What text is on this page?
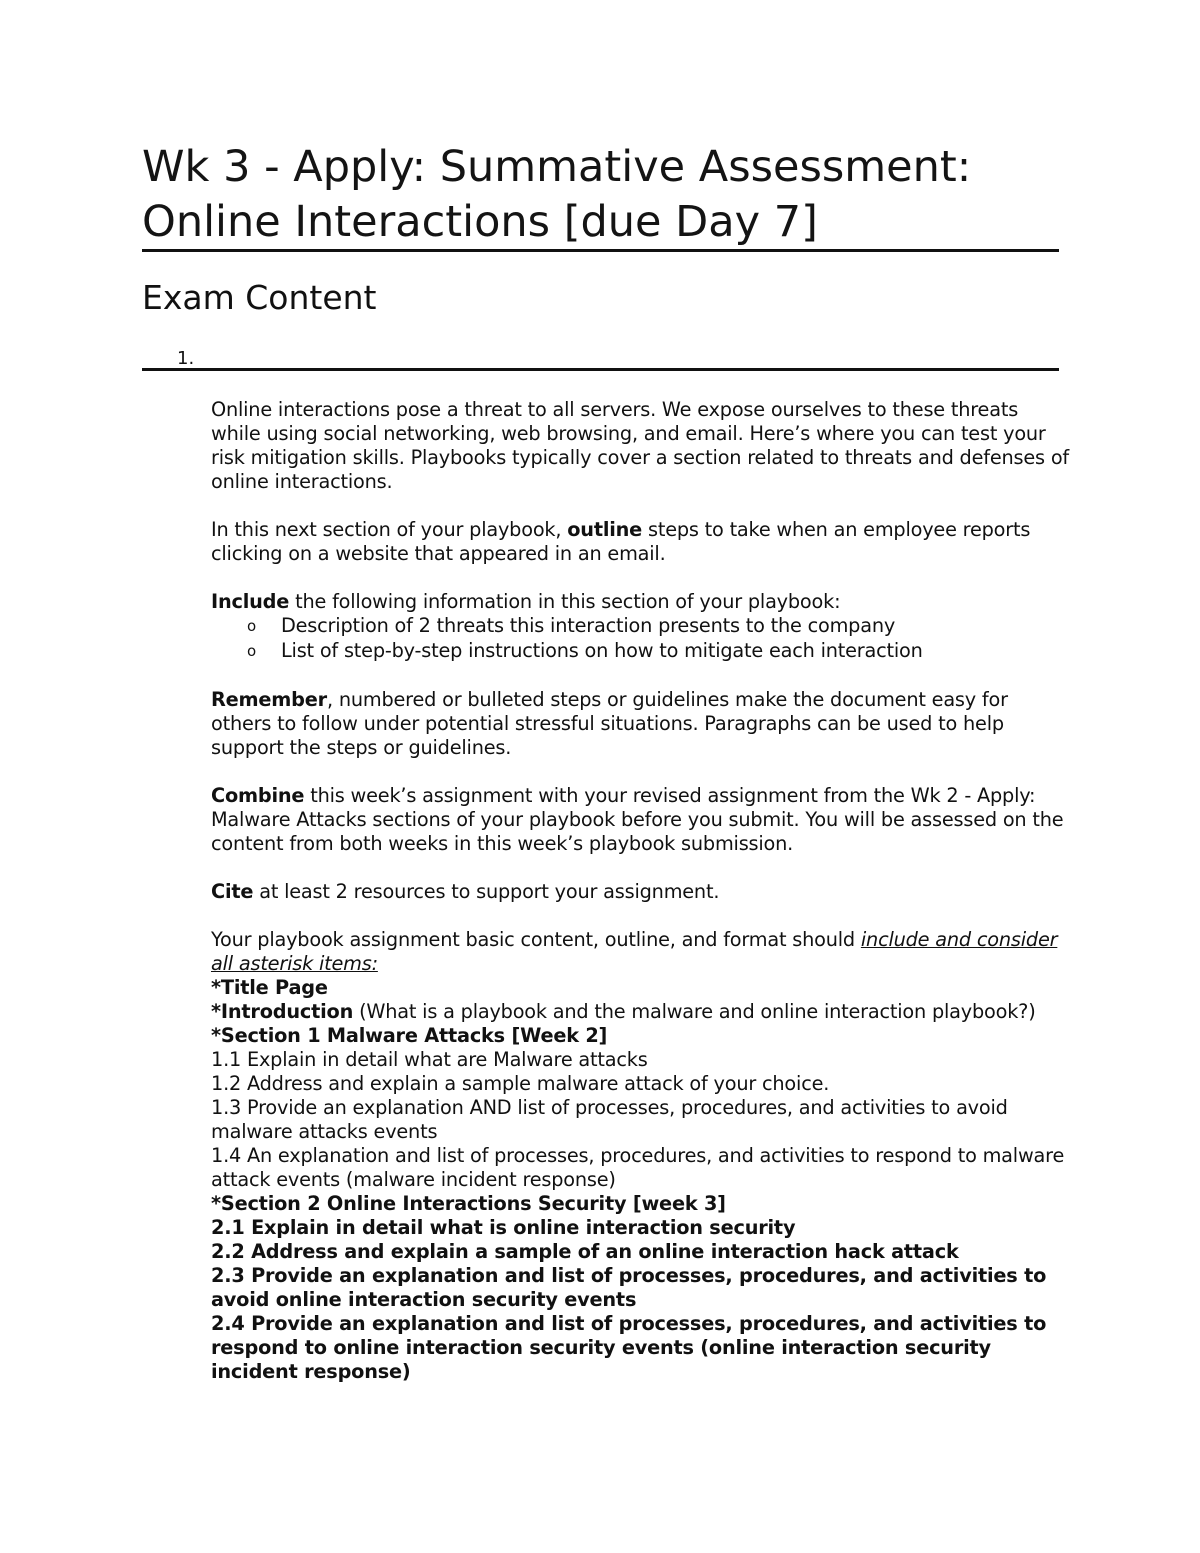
Wk 3 - Apply: Summative Assessment: Online Interactions [due Day 7]
Exam Content
1.

Online interactions pose a threat to all servers. We expose ourselves to these threats while using social networking, web browsing, and email. Here’s where you can test your risk mitigation skills. Playbooks typically cover a section related to threats and defenses of online interactions.

In this next section of your playbook, outline steps to take when an employee reports clicking on a website that appeared in an email.

Include the following information in this section of your playbook:

o Description of 2 threats this interaction presents to the company
o List of step-by-step instructions on how to mitigate each interaction

Remember, numbered or bulleted steps or guidelines make the document easy for others to follow under potential stressful situations. Paragraphs can be used to help support the steps or guidelines.

Combine this week’s assignment with your revised assignment from the Wk 2 - Apply: Malware Attacks sections of your playbook before you submit. You will be assessed on the content from both weeks in this week’s playbook submission.

Cite at least 2 resources to support your assignment.

Your playbook assignment basic content, outline, and format should include and consider all asterisk items:
*Title Page
*Introduction (What is a playbook and the malware and online interaction playbook?)
*Section 1 Malware Attacks [Week 2]
1.1 Explain in detail what are Malware attacks
1.2 Address and explain a sample malware attack of your choice.
1.3 Provide an explanation AND list of processes, procedures, and activities to avoid malware attacks events
1.4 An explanation and list of processes, procedures, and activities to respond to malware attack events (malware incident response)
*Section 2 Online Interactions Security [week 3]
2.1 Explain in detail what is online interaction security
2.2 Address and explain a sample of an online interaction hack attack
2.3 Provide an explanation and list of processes, procedures, and activities to avoid online interaction security events
2.4 Provide an explanation and list of processes, procedures, and activities to respond to online interaction security events (online interaction security incident response)
